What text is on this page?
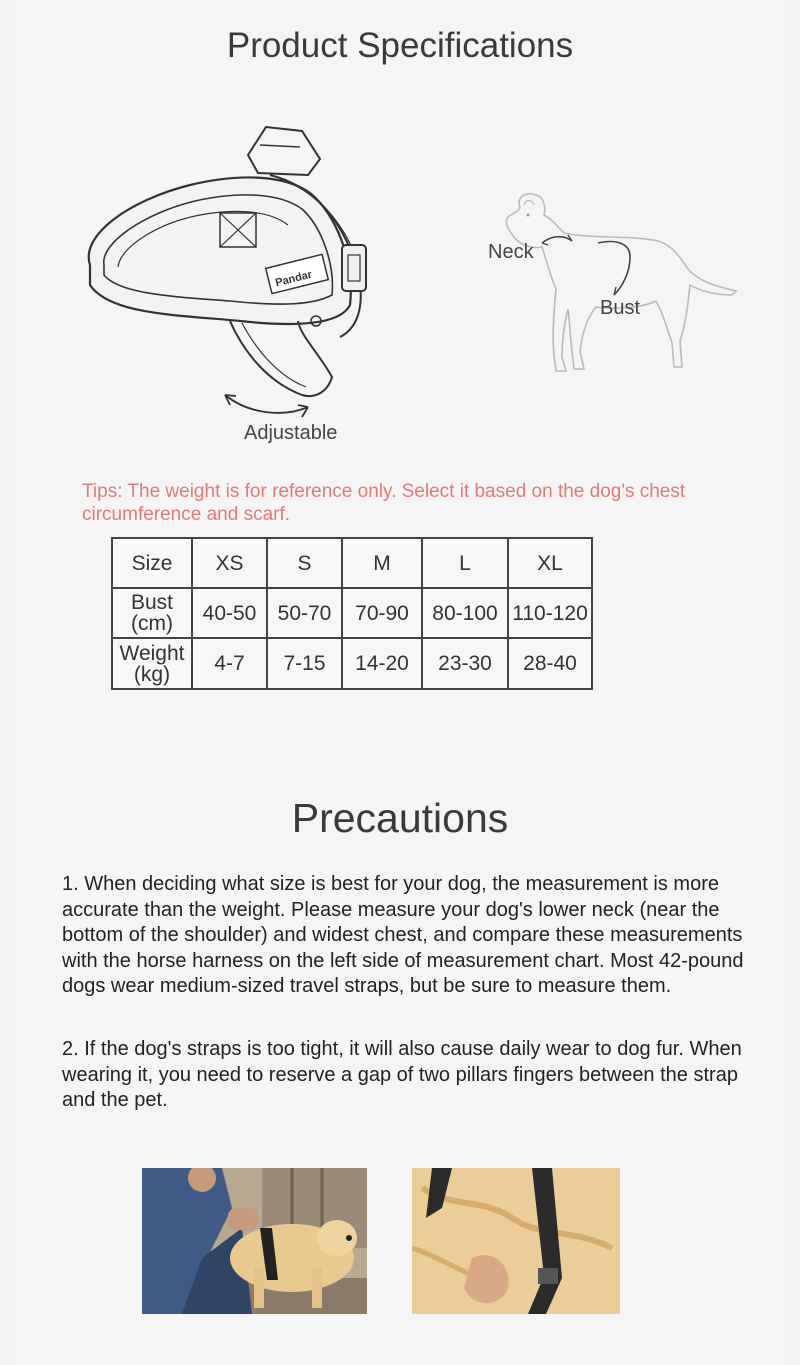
Product Specifications
Pandar
Adjustable
Neck
Bust
Tips: The weight is for reference only. Select it based on the dog's chest circumference and scarf.
Size	XS	S	M	L	XL

Bust
(cm)	40-50	50-70	70-90	80-100	110-120

Weight
(kg)	4-7	7-15	14-20	23-30	28-40
Precautions

1. When deciding what size is best for your dog, the measurement is more accurate than the weight. Please measure your dog's lower neck (near the bottom of the shoulder) and widest chest, and compare these measurements with the horse harness on the left side of measurement chart. Most 42-pound dogs wear medium-sized travel straps, but be sure to measure them.

2. If the dog's straps is too tight, it will also cause daily wear to dog fur. When wearing it, you need to reserve a gap of two pillars fingers between the strap and the pet.
